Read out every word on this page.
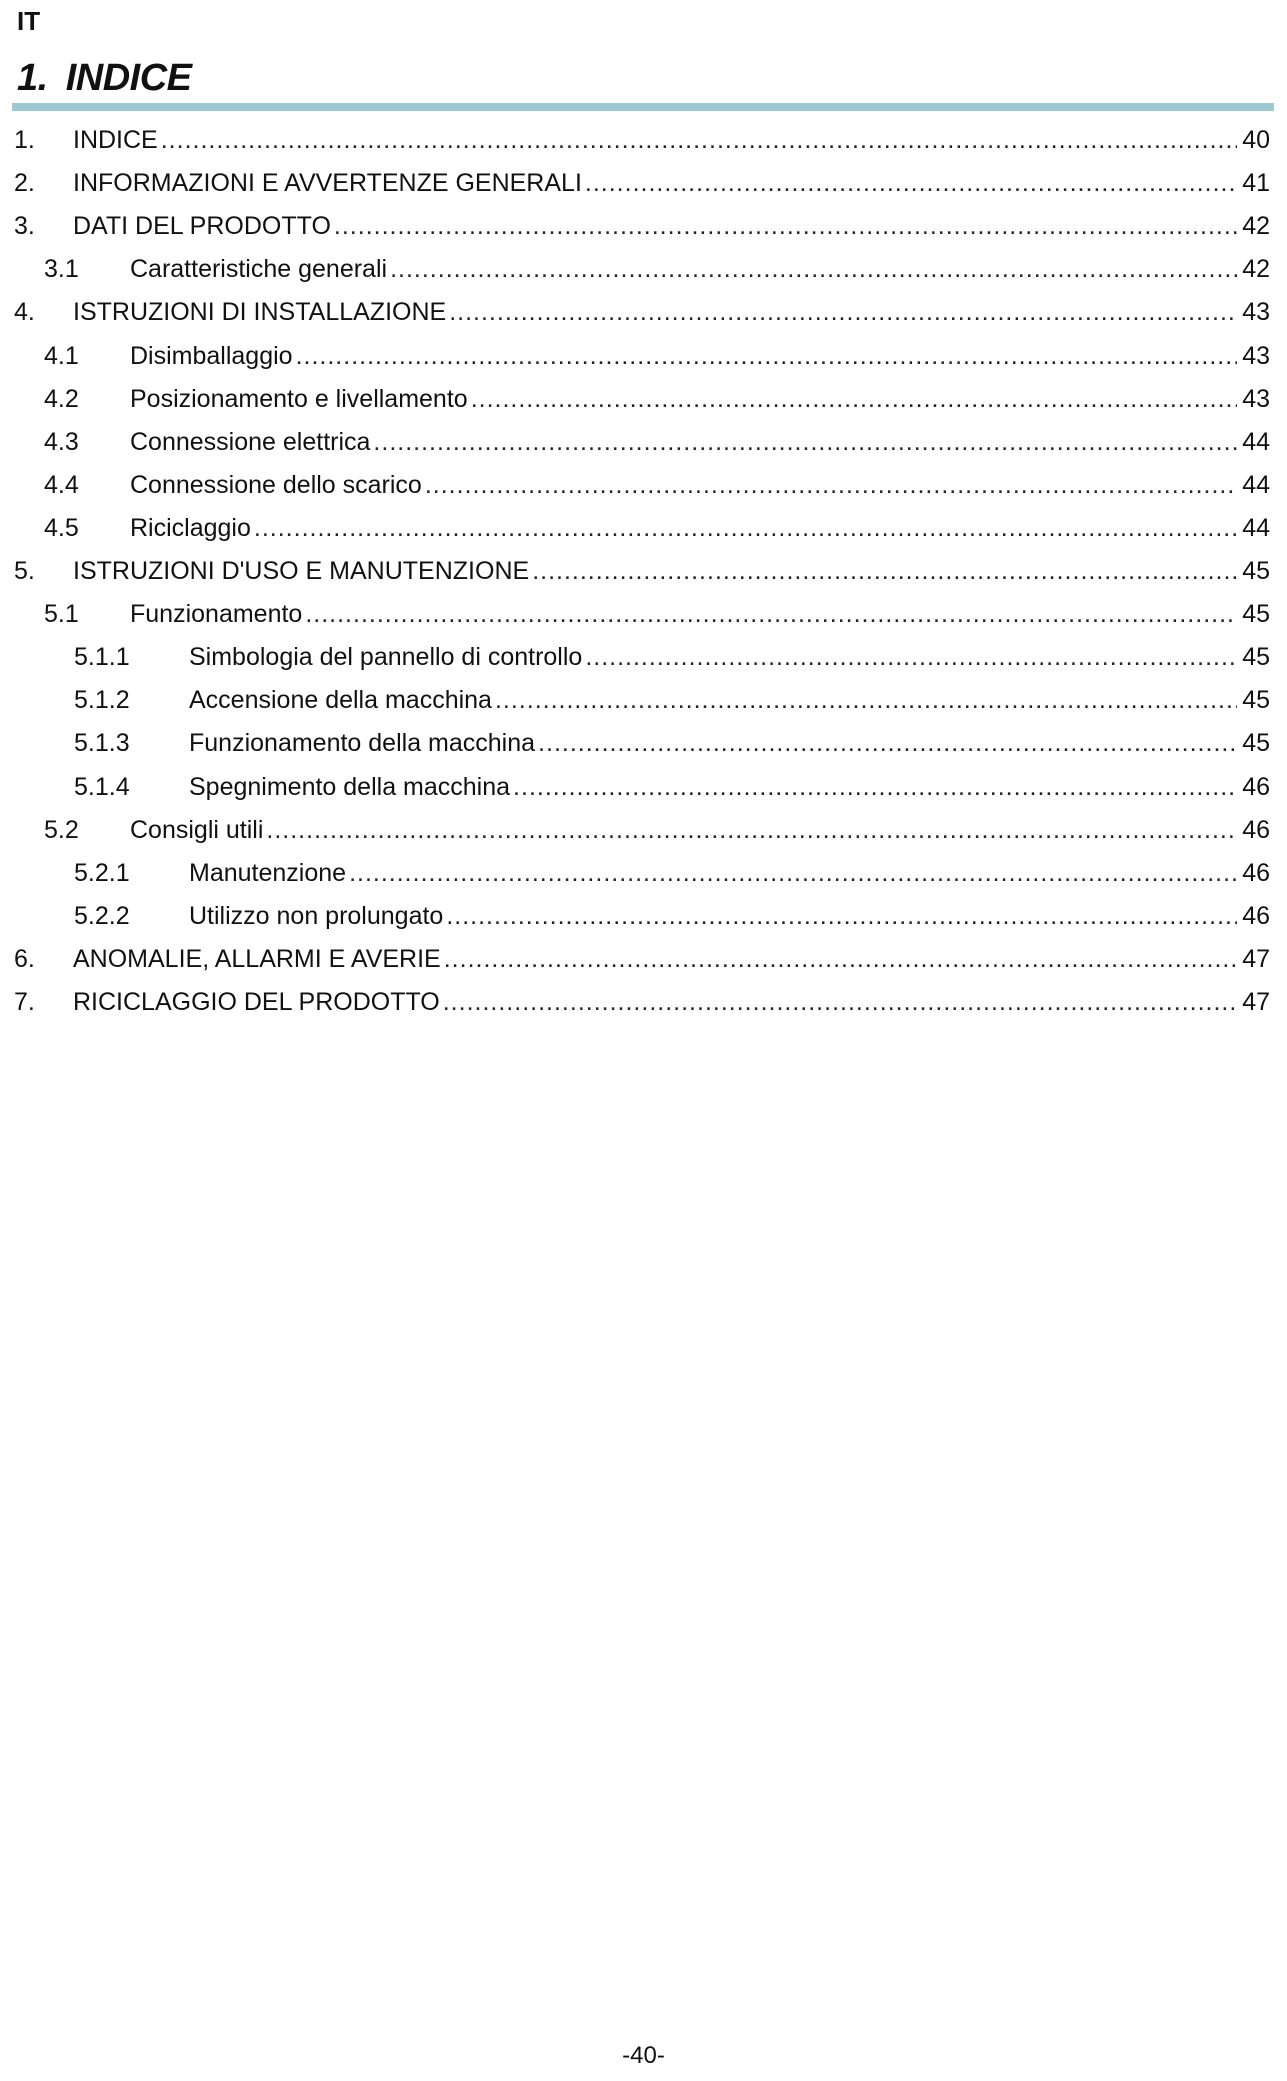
IT
1. INDICE
1.	INDICE .....	40
2.	INFORMAZIONI E AVVERTENZE GENERALI .....	41
3.	DATI DEL PRODOTTO .....	42
3.1	Caratteristiche generali .....	42
4.	ISTRUZIONI DI INSTALLAZIONE .....	43
4.1	Disimballaggio .....	43
4.2	Posizionamento e livellamento .....	43
4.3	Connessione elettrica .....	44
4.4	Connessione dello scarico .....	44
4.5	Riciclaggio .....	44
5.	ISTRUZIONI D'USO E MANUTENZIONE .....	45
5.1	Funzionamento .....	45
5.1.1	Simbologia del pannello di controllo .....	45
5.1.2	Accensione della macchina .....	45
5.1.3	Funzionamento della macchina .....	45
5.1.4	Spegnimento della macchina .....	46
5.2	Consigli utili .....	46
5.2.1	Manutenzione .....	46
5.2.2	Utilizzo non prolungato .....	46
6.	ANOMALIE, ALLARMI E AVERIE .....	47
7.	RICICLAGGIO DEL PRODOTTO .....	47
-40-
